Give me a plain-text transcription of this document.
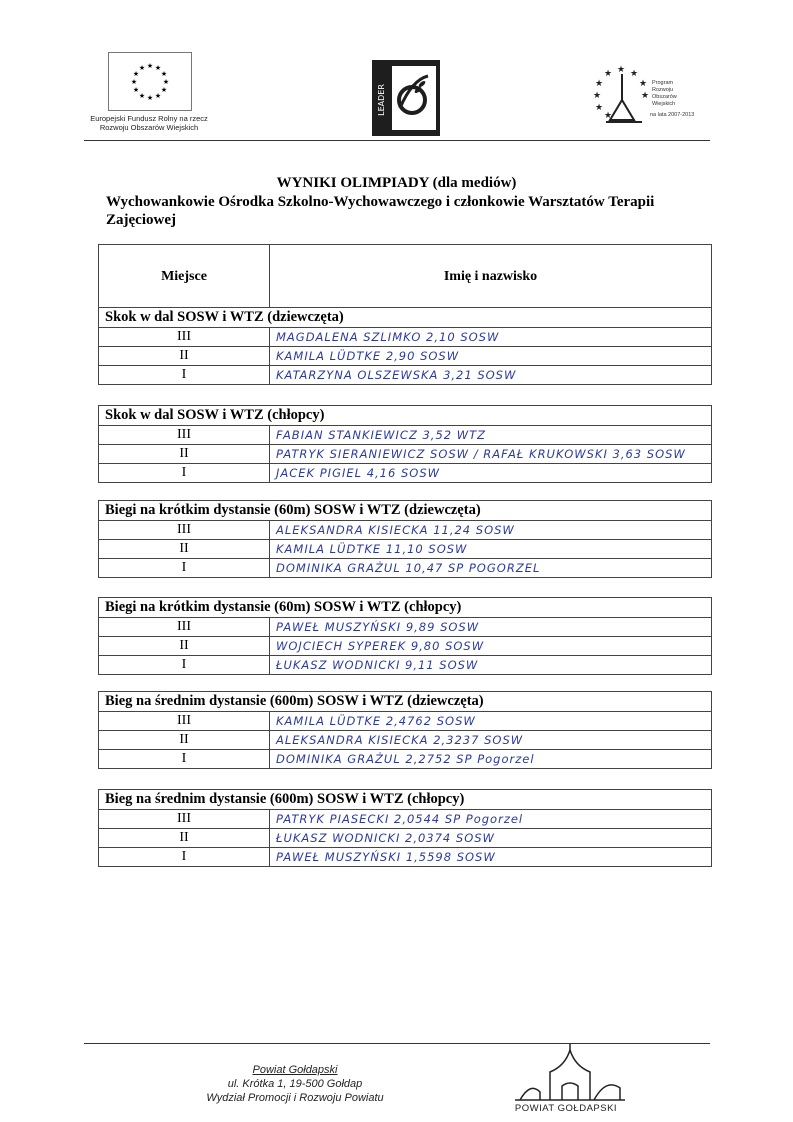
★ ★
★
★
★
★
★
★
★
★
★
★
Europejski Fundusz Rolny na rzecz
Rozwoju Obszarów Wiejskich
LEADER
★ ★
★
★
★
★
★
★
★
Program
Rozwoju
Obszarów
Wiejskich
na lata 2007-2013
WYNIKI OLIMPIADY (dla mediów)
Wychowankowie Ośrodka Szkolno-Wychowawczego i członkowie Warsztatów Terapii Zajęciowej
Miejsce	Imię i nazwisko
Skok w dal SOSW i WTZ (dziewczęta)
III	MAGDALENA SZLIMKO 2,10 SOSW
II	KAMILA LÜDTKE 2,90 SOSW
I	KATARZYNA OLSZEWSKA 3,21 SOSW
Skok w dal SOSW i WTZ (chłopcy)
III	FABIAN STANKIEWICZ 3,52 WTZ
II	PATRYK SIERANIEWICZ SOSW / RAFAŁ KRUKOWSKI 3,63 SOSW
I	JACEK PIGIEL 4,16 SOSW
Biegi na krótkim dystansie (60m) SOSW i WTZ (dziewczęta)
III	ALEKSANDRA KISIECKA 11,24 SOSW
II	KAMILA LÜDTKE 11,10 SOSW
I	DOMINIKA GRAŻUL 10,47 SP POGORZEL
Biegi na krótkim dystansie (60m) SOSW i WTZ (chłopcy)
III	PAWEŁ MUSZYŃSKI 9,89 SOSW
II	WOJCIECH SYPEREK 9,80 SOSW
I	ŁUKASZ WODNICKI 9,11 SOSW
Bieg na średnim dystansie (600m) SOSW i WTZ (dziewczęta)
III	KAMILA LÜDTKE 2,4762 SOSW
II	ALEKSANDRA KISIECKA 2,3237 SOSW
I	DOMINIKA GRAŻUL 2,2752 SP Pogorzel
Bieg na średnim dystansie (600m) SOSW i WTZ (chłopcy)
III	PATRYK PIASECKI 2,0544 SP Pogorzel
II	ŁUKASZ WODNICKI 2,0374 SOSW
I	PAWEŁ MUSZYŃSKI 1,5598 SOSW
Powiat Gołdapski
ul. Krótka 1, 19-500 Gołdap
Wydział Promocji i Rozwoju Powiatu
POWIAT GOŁDAPSKI
